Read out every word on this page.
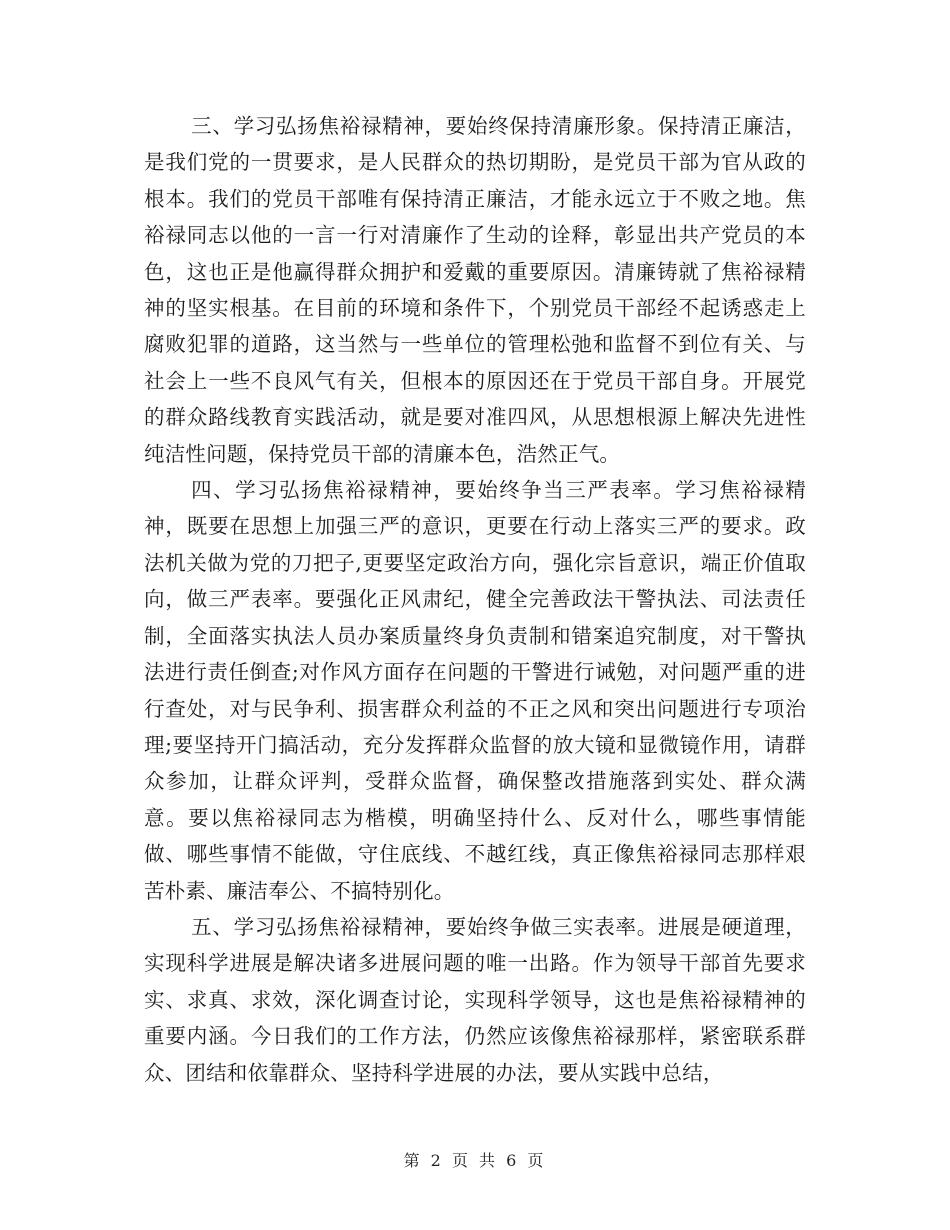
三、学习弘扬焦裕禄精神，要始终保持清廉形象。保持清正廉洁，是我们党的一贯要求，是人民群众的热切期盼，是党员干部为官从政的根本。我们的党员干部唯有保持清正廉洁，才能永远立于不败之地。焦裕禄同志以他的一言一行对清廉作了生动的诠释，彰显出共产党员的本色，这也正是他赢得群众拥护和爱戴的重要原因。清廉铸就了焦裕禄精神的坚实根基。在目前的环境和条件下，个别党员干部经不起诱惑走上腐败犯罪的道路，这当然与一些单位的管理松弛和监督不到位有关、与社会上一些不良风气有关，但根本的原因还在于党员干部自身。开展党的群众路线教育实践活动，就是要对准四风，从思想根源上解决先进性纯洁性问题，保持党员干部的清廉本色，浩然正气。

四、学习弘扬焦裕禄精神，要始终争当三严表率。学习焦裕禄精神，既要在思想上加强三严的意识，更要在行动上落实三严的要求。政法机关做为党的刀把子,更要坚定政治方向，强化宗旨意识，端正价值取向，做三严表率。要强化正风肃纪，健全完善政法干警执法、司法责任制，全面落实执法人员办案质量终身负责制和错案追究制度，对干警执法进行责任倒查;对作风方面存在问题的干警进行诫勉，对问题严重的进行查处，对与民争利、损害群众利益的不正之风和突出问题进行专项治理;要坚持开门搞活动，充分发挥群众监督的放大镜和显微镜作用，请群众参加，让群众评判，受群众监督，确保整改措施落到实处、群众满意。要以焦裕禄同志为楷模，明确坚持什么、反对什么，哪些事情能做、哪些事情不能做，守住底线、不越红线，真正像焦裕禄同志那样艰苦朴素、廉洁奉公、不搞特别化。

五、学习弘扬焦裕禄精神，要始终争做三实表率。进展是硬道理，实现科学进展是解决诸多进展问题的唯一出路。作为领导干部首先要求实、求真、求效，深化调查讨论，实现科学领导，这也是焦裕禄精神的重要内涵。今日我们的工作方法，仍然应该像焦裕禄那样，紧密联系群众、团结和依靠群众、坚持科学进展的办法，要从实践中总结，

第 2 页 共 6 页
